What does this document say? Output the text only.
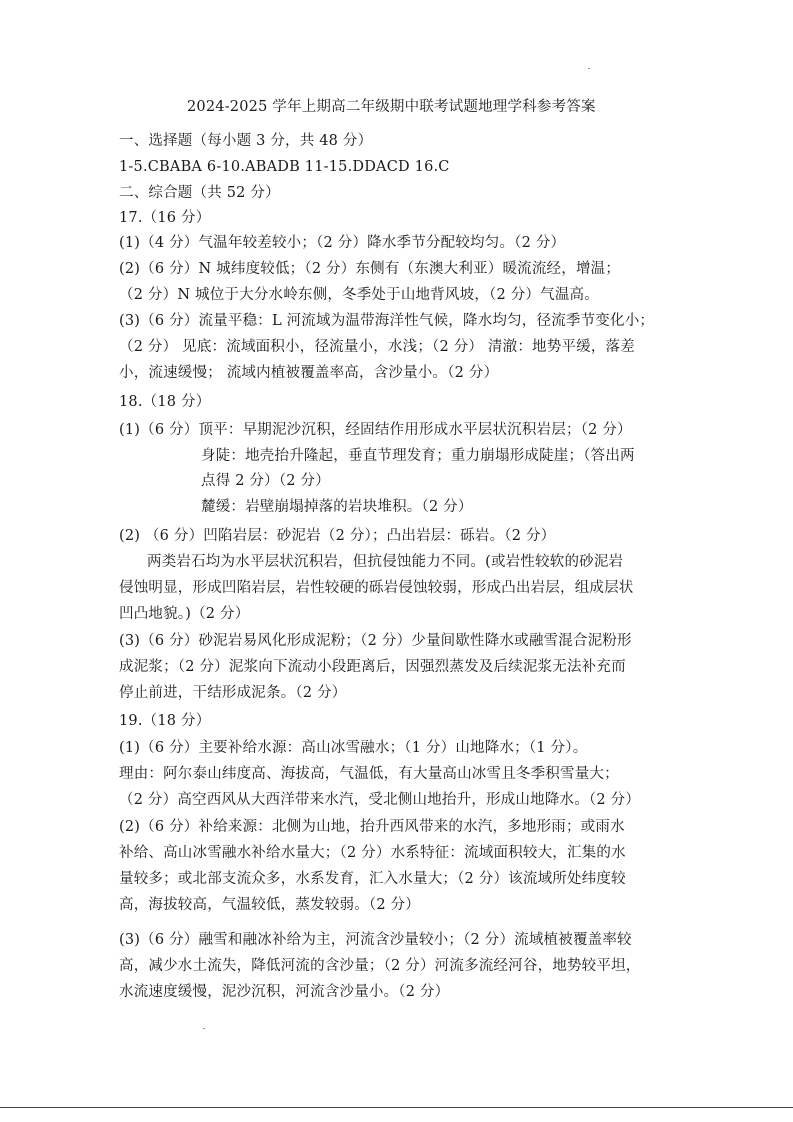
2024-2025 学年上期高二年级期中联考试题地理学科参考答案
一、选择题（每小题 3 分，共 48 分）
1-5.CBABA 6-10.ABADB 11-15.DDACD 16.C
二、综合题（共 52 分）
17.（16 分）
(1)（4 分）气温年较差较小；（2 分）降水季节分配较均匀。（2 分）
(2)（6 分）N 城纬度较低；（2 分）东侧有（东澳大利亚）暖流流经，增温；
（2 分）N 城位于大分水岭东侧，冬季处于山地背风坡，（2 分）气温高。
(3)（6 分）流量平稳：L 河流域为温带海洋性气候，降水均匀，径流季节变化小；
（2 分） 见底：流域面积小，径流量小，水浅；（2 分） 清澈：地势平缓，落差
小，流速缓慢； 流域内植被覆盖率高，含沙量小。（2 分）
18.（18 分）
(1)（6 分）顶平：早期泥沙沉积，经固结作用形成水平层状沉积岩层；（2 分）
身陡：地壳抬升隆起，垂直节理发育；重力崩塌形成陡崖；（答出两
点得 2 分）（2 分）
麓缓：岩壁崩塌掉落的岩块堆积。（2 分）
(2) （6 分）凹陷岩层：砂泥岩（2 分）；凸出岩层：砾岩。（2 分）
两类岩石均为水平层状沉积岩，但抗侵蚀能力不同。(或岩性较软的砂泥岩
侵蚀明显，形成凹陷岩层，岩性较硬的砾岩侵蚀较弱，形成凸出岩层，组成层状
凹凸地貌。)（2 分）
(3)（6 分）砂泥岩易风化形成泥粉；（2 分）少量间歇性降水或融雪混合泥粉形
成泥浆；（2 分）泥浆向下流动小段距离后，因强烈蒸发及后续泥浆无法补充而
停止前进，干结形成泥条。（2 分）
19.（18 分）
(1)（6 分）主要补给水源：高山冰雪融水；（1 分）山地降水；（1 分）。
理由：阿尔泰山纬度高、海拔高，气温低，有大量高山冰雪且冬季积雪量大；
（2 分）高空西风从大西洋带来水汽，受北侧山地抬升，形成山地降水。（2 分）
(2)（6 分）补给来源：北侧为山地，抬升西风带来的水汽，多地形雨；或雨水
补给、高山冰雪融水补给水量大；（2 分）水系特征：流域面积较大，汇集的水
量较多；或北部支流众多，水系发育，汇入水量大；（2 分）该流域所处纬度较
高，海拔较高，气温较低，蒸发较弱。（2 分）
(3)（6 分）融雪和融冰补给为主，河流含沙量较小；（2 分）流域植被覆盖率较
高，减少水土流失，降低河流的含沙量；（2 分）河流多流经河谷，地势较平坦，
水流速度缓慢，泥沙沉积，河流含沙量小。（2 分）
